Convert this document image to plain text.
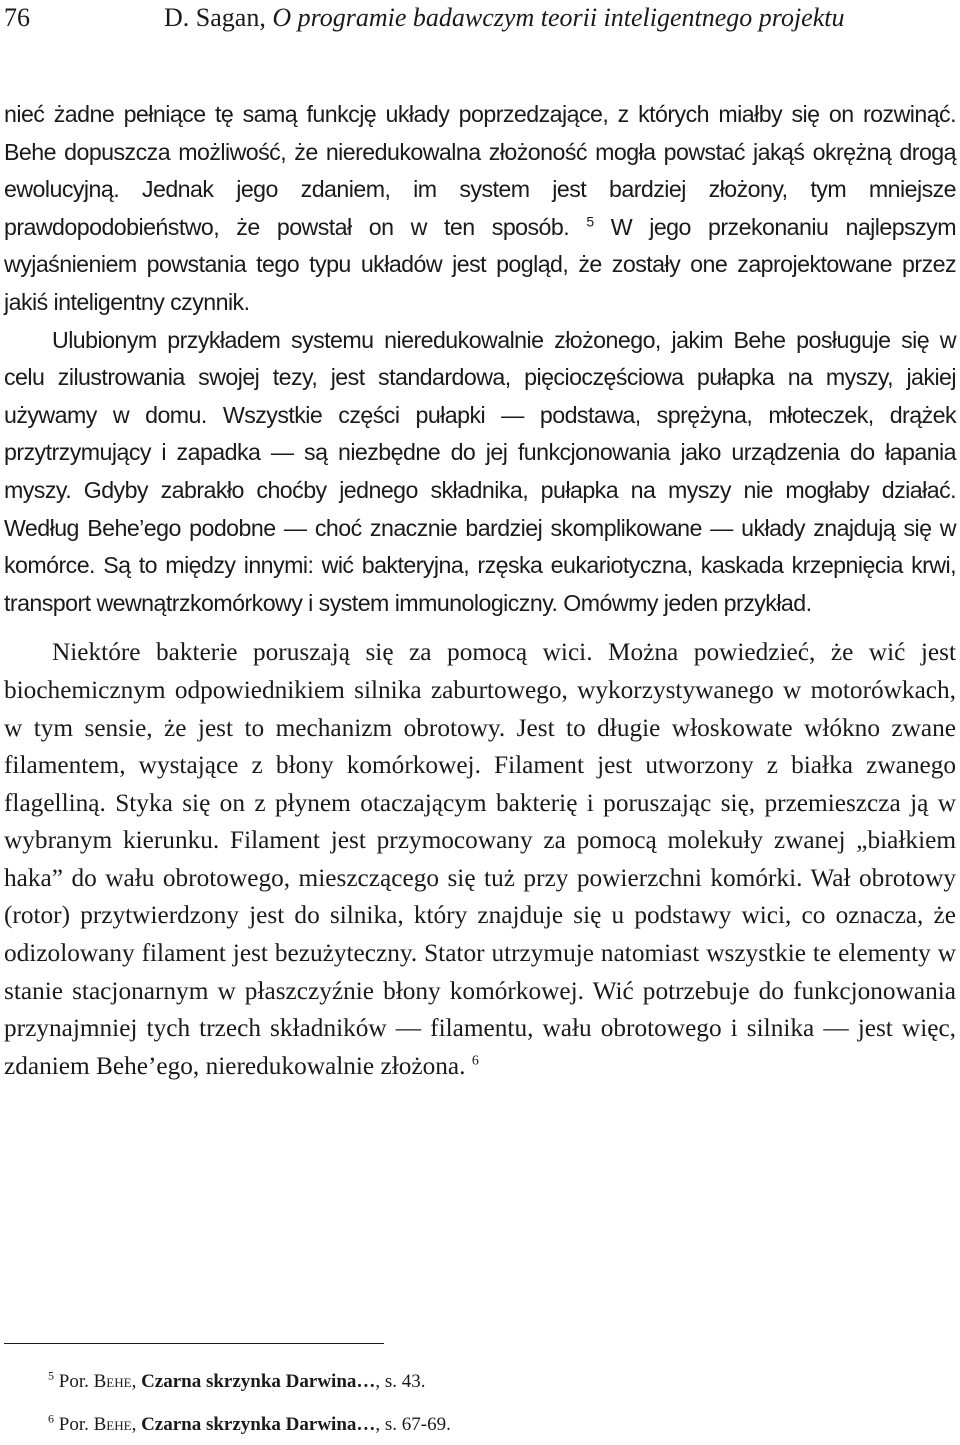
76	D. Sagan, O programie badawczym teorii inteligentnego projektu

nieć żadne pełniące tę samą funkcję układy poprzedzające, z których miałby się on rozwinąć. Behe dopuszcza możliwość, że nieredukowalna złożoność mogła powstać jakąś okrężną drogą ewolucyjną. Jednak jego zdaniem, im system jest bardziej złożony, tym mniejsze prawdopodobieństwo, że powstał on w ten sposób. $^5$ W jego przekonaniu najlepszym wyjaśnieniem powstania tego typu układów jest pogląd, że zostały one zaprojektowane przez jakiś inteligentny czynnik.

Ulubionym przykładem systemu nieredukowalnie złożonego, jakim Behe posługuje się w celu zilustrowania swojej tezy, jest standardowa, pięcioczęściowa pułapka na myszy, jakiej używamy w domu. Wszystkie części pułapki — podstawa, sprężyna, młoteczek, drążek przytrzymujący i zapadka — są niezbędne do jej funkcjonowania jako urządzenia do łapania myszy. Gdyby zabrakło choćby jednego składnika, pułapka na myszy nie mogłaby działać. Według Behe’ego podobne — choć znacznie bardziej skomplikowane — układy znajdują się w komórce. Są to między innymi: wić bakteryjna, rzęska eukariotyczna, kaskada krzepnięcia krwi, transport wewnątrzkomórkowy i system immunologiczny. Omówmy jeden przykład.

Niektóre bakterie poruszają się za pomocą wici. Można powiedzieć, że wić jest biochemicznym odpowiednikiem silnika zaburtowego, wykorzystywanego w motorówkach, w tym sensie, że jest to mechanizm obrotowy. Jest to długie włoskowate włókno zwane filamentem, wystające z błony komórkowej. Filament jest utworzony z białka zwanego flagelliną. Styka się on z płynem otaczającym bakterię i poruszając się, przemieszcza ją w wybranym kierunku. Filament jest przymocowany za pomocą molekuły zwanej „białkiem haka” do wału obrotowego, mieszczącego się tuż przy powierzchni komórki. Wał obrotowy (rotor) przytwierdzony jest do silnika, który znajduje się u podstawy wici, co oznacza, że odizolowany filament jest bezużyteczny. Stator utrzymuje natomiast wszystkie te elementy w stanie stacjonarnym w płaszczyźnie błony komórkowej. Wić potrzebuje do funkcjonowania przynajmniej tych trzech składników — filamentu, wału obrotowego i silnika — jest więc, zdaniem Behe’ego, nieredukowalnie złożona. $^6$

$^5$ Por. Behe, Czarna skrzynka Darwina…, s. 43.
$^6$ Por. Behe, Czarna skrzynka Darwina…, s. 67-69.
